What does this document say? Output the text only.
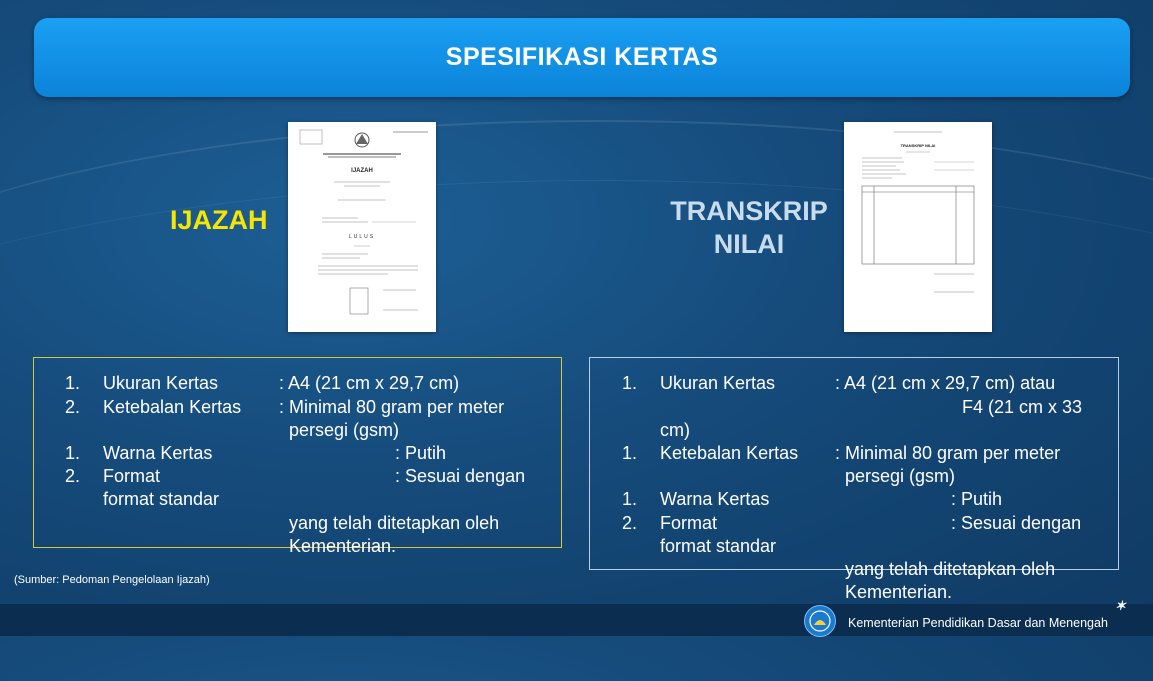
SPESIFIKASI KERTAS
IJAZAH	TRANSKRIP
NILAI
IJAZAH
LULUS
TRANSKRIP NILAI
1. Ukuran Kertas	: A4 (21 cm x 29,7 cm)
2. Ketebalan Kertas : Minimal 80 gram per meter
persegi (gsm)
1. Warna Kertas	: Putih
2. Format	: Sesuai dengan
format standar
yang telah ditetapkan oleh
Kementerian.
1. Ukuran Kertas	: A4 (21 cm x 29,7 cm) atau
F4 (21 cm x 33
cm)
1. Ketebalan Kertas : Minimal 80 gram per meter
persegi (gsm)
1. Warna Kertas	: Putih
2. Format	: Sesuai dengan
format standar
yang telah ditetapkan oleh
Kementerian.
(Sumber: Pedoman Pengelolaan Ijazah)
Kementerian Pendidikan Dasar dan Menengah
✶
